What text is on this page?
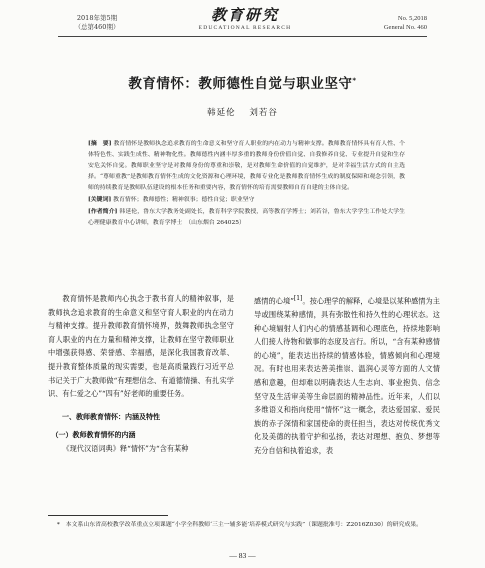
2018年第5期
（总第460期）
教育研究
EDUCATIONAL RESEARCH
No. 5,2018
General No. 460
教育情怀：教师德性自觉与职业坚守*
韩延伦 刘若谷

[摘　要] 教育情怀是教师执念追求教育的生命意义和坚守育人职业的内在动力与精神支撑。教师教育情怀具有育人性、个体特色性、实践生成性、精神物化性。教师德性内涵丰厚多重的教师身份价值自觉、自我修养自觉、专业提升自觉和生存安危关怀自觉。教师职业坚守是对教师身份的尊重和崇敬，是对教师生命价值的自觉维护，是对幸福生活方式的自主选择。“尊师重教”是教师教育情怀生成的文化资源和心理环境，教师专业化是教师教育情怀生成的制度保障和观念引领，教师的持续教育是教师队伍建设的根本任务和重要内容，教育情怀的培育需要教师自育自建的主体自觉。

[关键词] 教育情怀；教师德性；精神叙事；德性自觉；职业坚守

[作者简介] 韩延伦，鲁东大学教务处副处长，教育科学学院教授，高等教育学博士；刘若谷，鲁东大学学生工作处大学生心理健康教育中心讲师，教育学博士　（山东烟台 264025）

教育情怀是教师内心执念于教书育人的精神叙事，是教师执念追求教育的生命意义和坚守育人职业的内在动力与精神支撑。提升教师教育情怀境界，鼓舞教师执念坚守育人职业的内在力量和精神支撑，让教师在坚守教师职业中增强获得感、荣誉感、幸福感，是深化我国教育改革、提升教育整体质量的现实需要，也是高质量践行习近平总书记关于广大教师做“有理想信念、有道德情操、有扎实学识、有仁爱之心”“四有”好老师的重要任务。

一、教师教育情怀：内涵及特性

（一）教师教育情怀的内涵

《现代汉语词典》释“情怀”为“含有某种

感情的心境”[1]。按心理学的解释，心境是以某种感情为主导或围绕某种感情，具有弥散性和持久性的心理状态。这种心境辐射人们内心的情感基调和心理底色，持续地影响人们接人待物和做事的态度及言行。所以，“含有某种感情的心境”，能表达出持续的情感体验，情感倾向和心理境况。有时也用来表达善美推崇、温润心灵等方面的人文情感和意趣，但却难以明确表达人生志向、事业抱负、信念坚守及生活审美等生命层面的精神品性。近年来，人们以多维语义和指向使用“情怀”这一概念，表达爱国家、爱民族的赤子深情和家国使命的责任担当，表达对传统优秀文化及美德的执着守护和弘扬，表达对理想、抱负、梦想等充分自信和执着追求，表

*　本文系山东省高校教学改革重点立项课题“小学全科教师‘三主一辅多能’培养模式研究与实践”（课题批准号：Z2016Z030）的研究成果。

— 83 —
